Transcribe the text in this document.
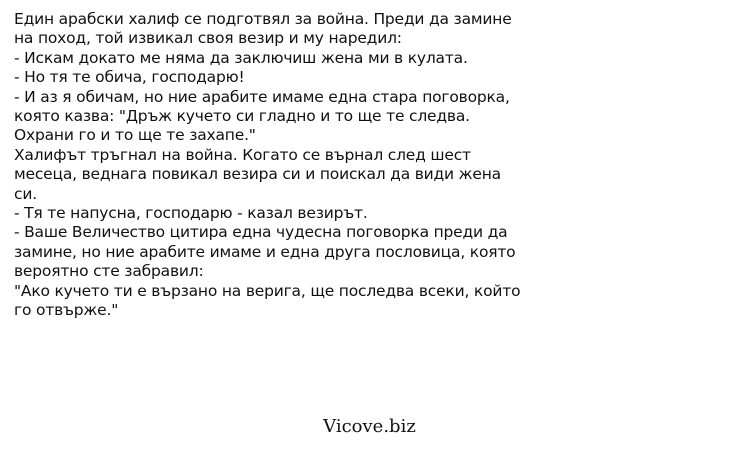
Един арабски халиф се подготвял за война. Преди да замине
на поход, той извикал своя везир и му наредил:
- Искам докато ме няма да заключиш жена ми в кулата.
- Но тя те обича, господарю!
- И аз я обичам, но ние арабите имаме една стара поговорка,
която казва: "Дръж кучето си гладно и то ще те следва.
Охрани го и то ще те захапе."
Халифът тръгнал на война. Когато се върнал след шест
месеца, веднага повикал везира си и поискал да види жена
си.
- Тя те напусна, господарю - казал везирът.
- Ваше Величество цитира една чудесна поговорка преди да
замине, но ние арабите имаме и една друга пословица, която
вероятно сте забравил:
"Ако кучето ти е вързано на верига, ще последва всеки, който
го отвърже."
Vicove.biz
